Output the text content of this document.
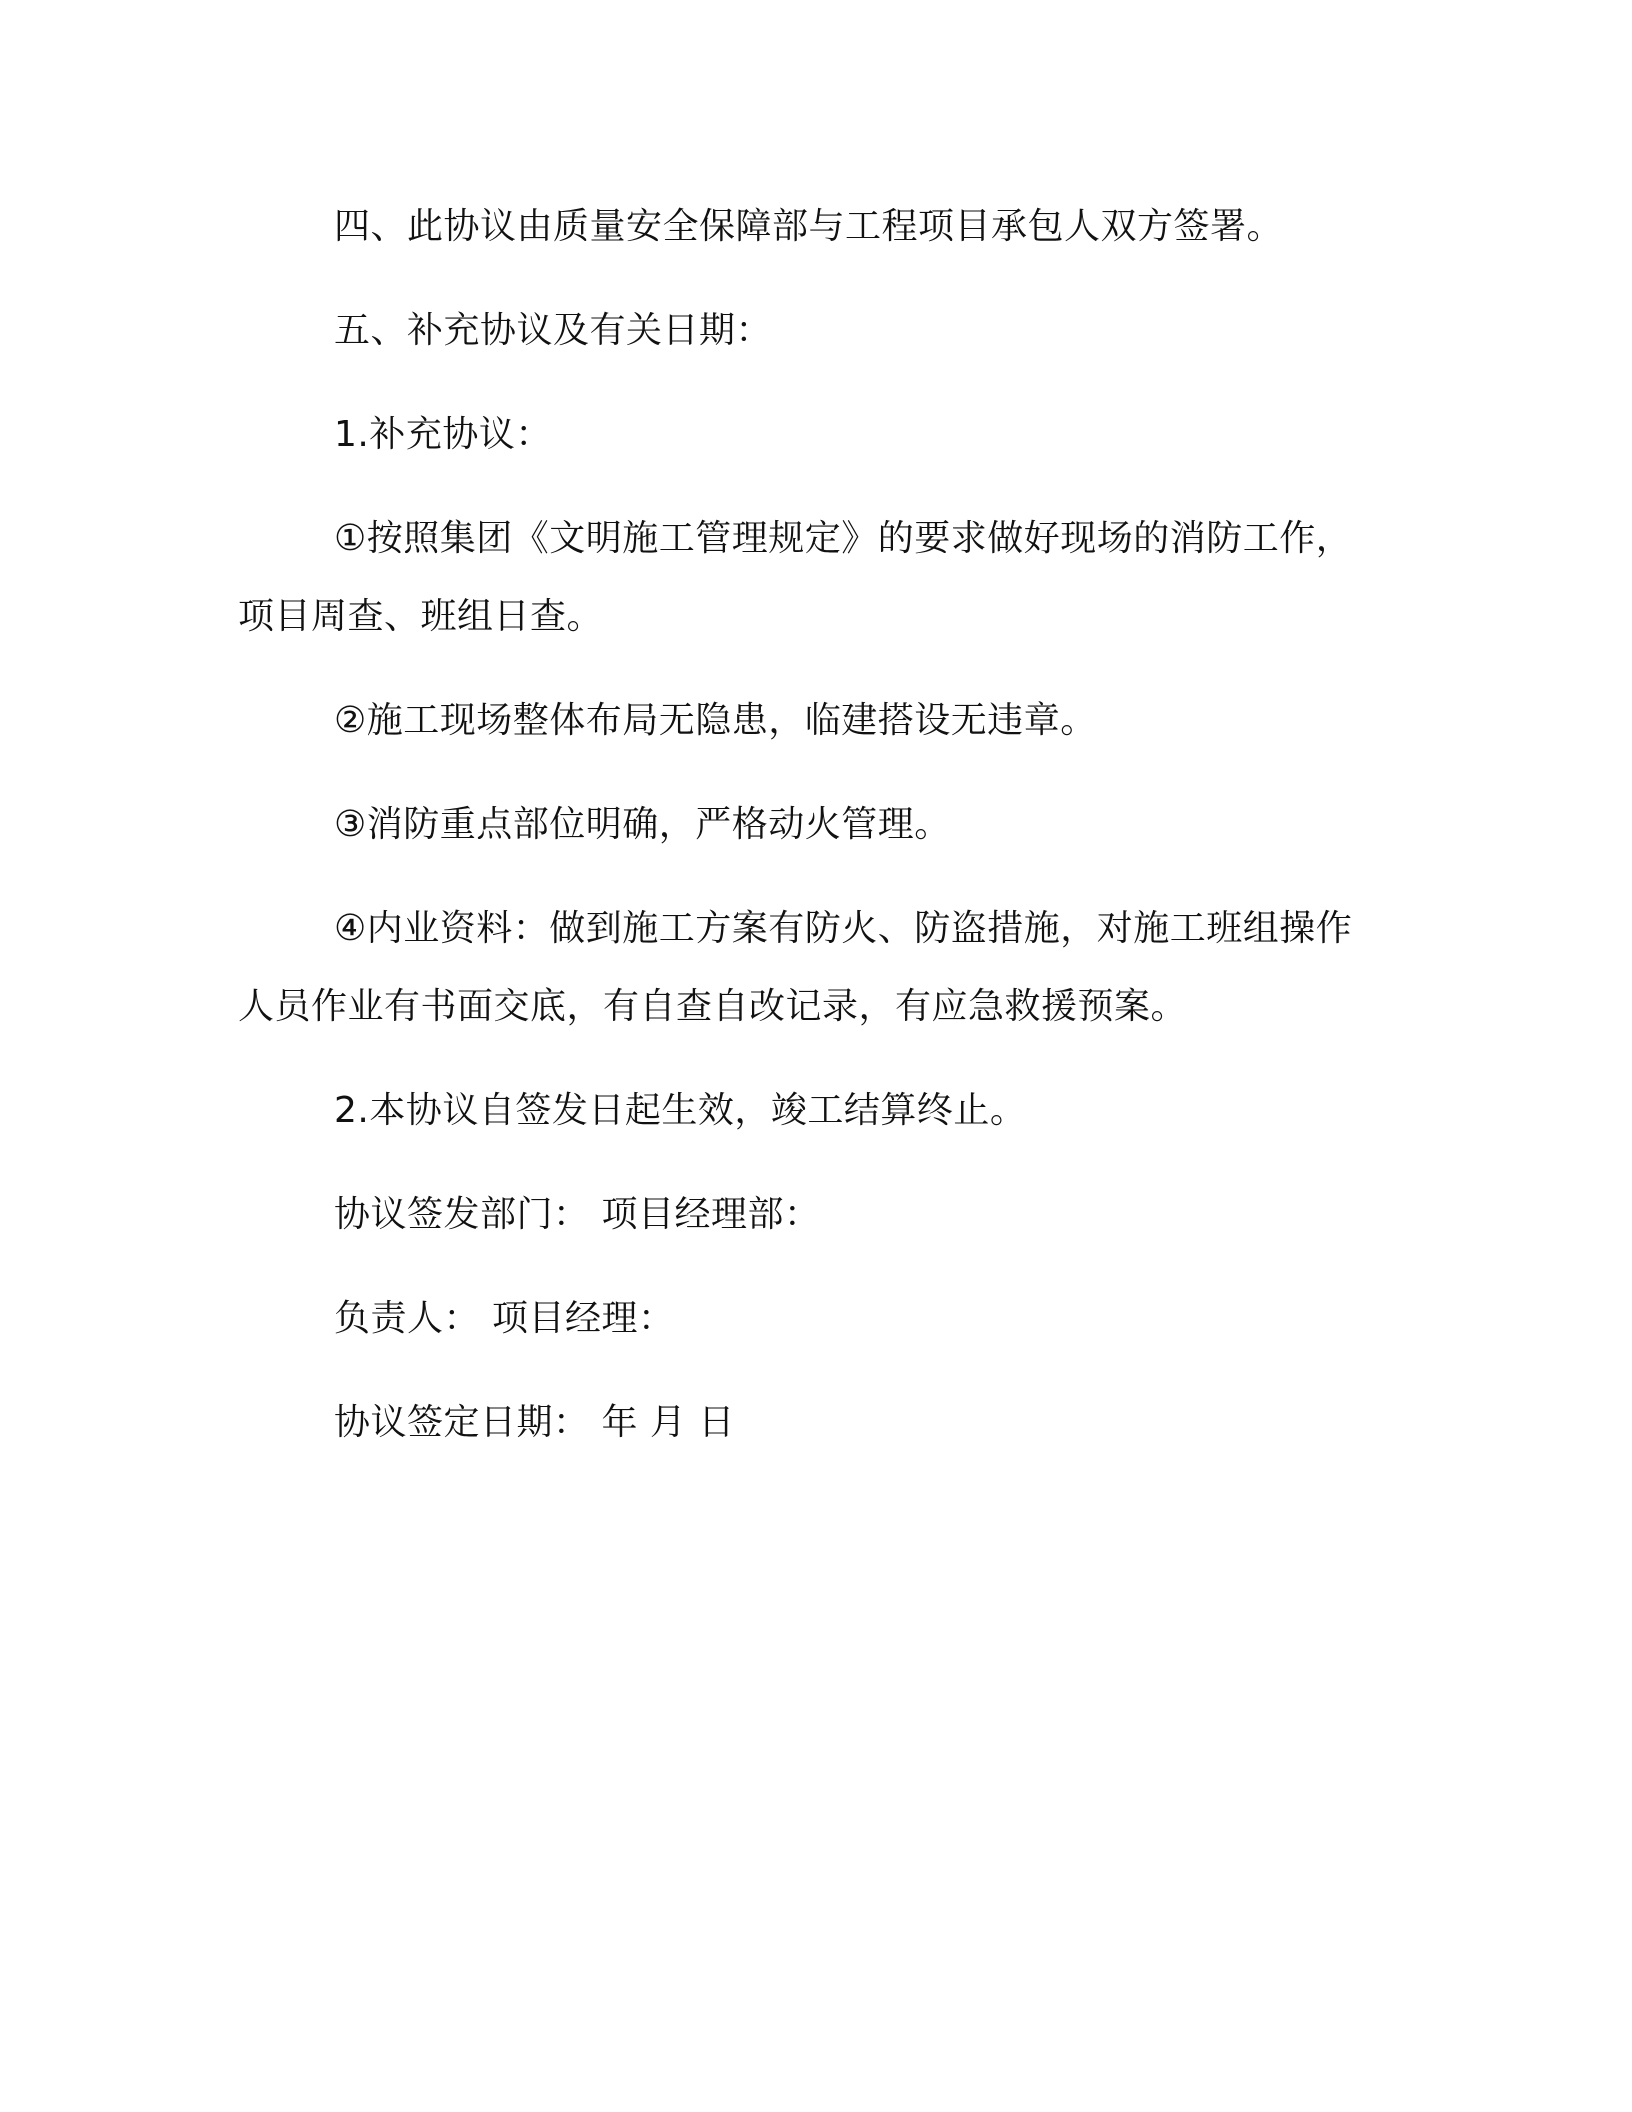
四、此协议由质量安全保障部与工程项目承包人双方签署。

五、补充协议及有关日期：

1.补充协议：

①按照集团《文明施工管理规定》的要求做好现场的消防工作，项目周查、班组日查。

②施工现场整体布局无隐患，临建搭设无违章。

③消防重点部位明确，严格动火管理。

④内业资料：做到施工方案有防火、防盗措施，对施工班组操作人员作业有书面交底，有自查自改记录，有应急救援预案。

2.本协议自签发日起生效，竣工结算终止。

协议签发部门： 项目经理部：

负责人： 项目经理：

协议签定日期： 年 月 日
